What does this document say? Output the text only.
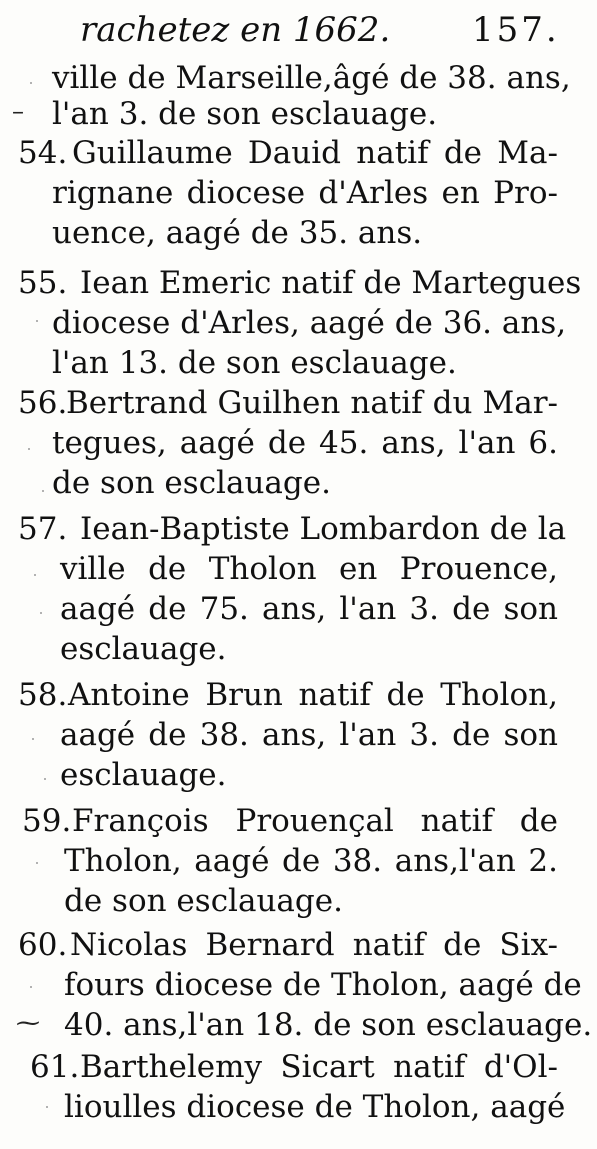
rachetez en 1662. 157.
ville de Marseille,âgé de 38. ans,
– l'an 3. de son esclauage.
54. Guillaume Dauid natif de Ma-
rignane diocese d'Arles en Pro-
uence, aagé de 35. ans.
55. Iean Emeric natif de Martegues
diocese d'Arles, aagé de 36. ans,
l'an 13. de son esclauage.
56.
Bertrand Guilhen natif du Mar-
tegues, aagé de 45. ans, l'an 6.
de son esclauage.
57. Iean-Baptiste Lombardon de la
ville de Tholon en Prouence,
aagé de 75. ans, l'an 3. de son
esclauage.
58. Antoine Brun natif de Tholon,
aagé de 38. ans, l'an 3. de son
esclauage.
59. François Prouençal natif de
Tholon, aagé de 38. ans,l'an 2.
de son esclauage.
60. Nicolas Bernard natif de Six-
fours diocese de Tholon, aagé de
⁓ 40. ans,l'an 18. de son esclauage.
61. Barthelemy Sicart natif d'Ol-
lioulles diocese de Tholon, aagé
